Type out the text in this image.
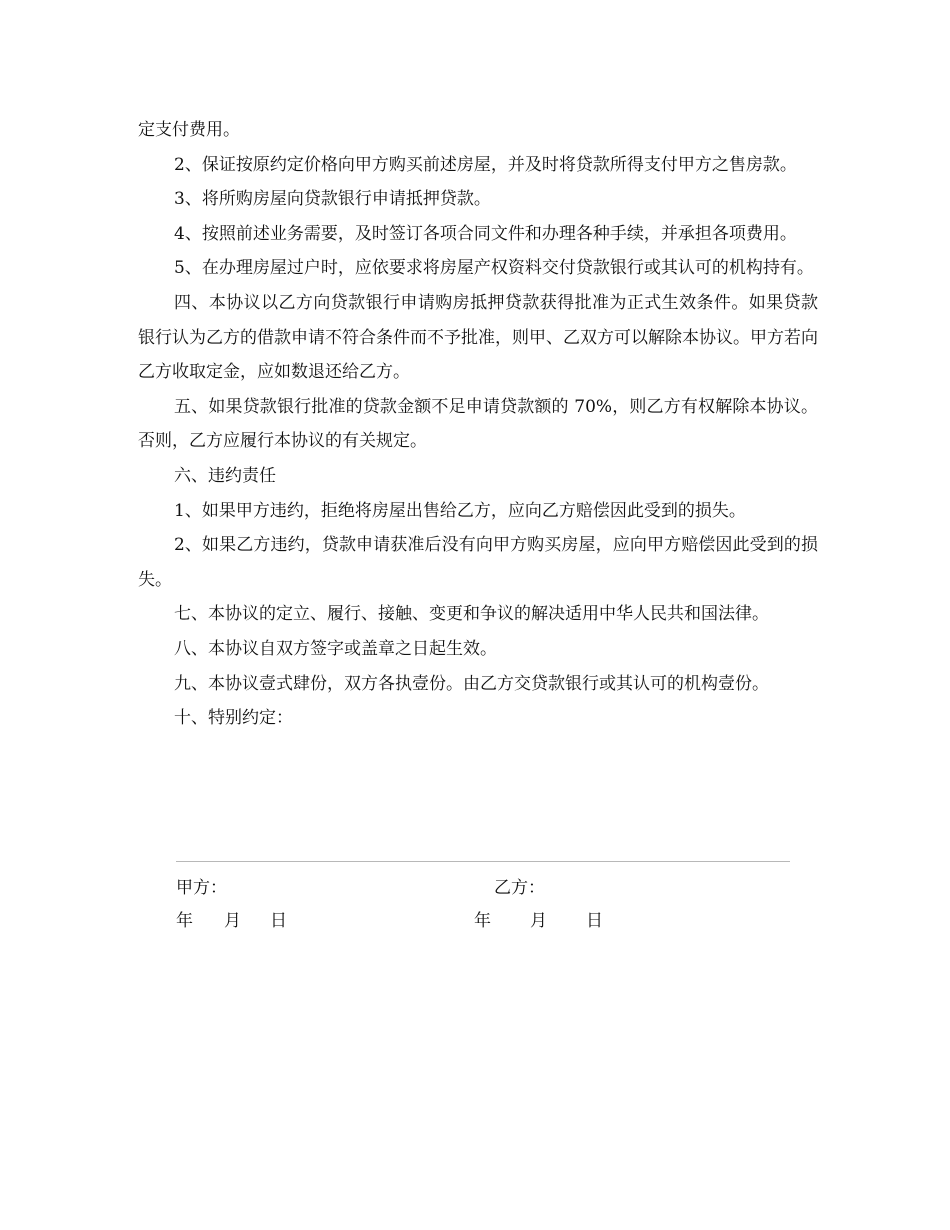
定支付费用。

2、保证按原约定价格向甲方购买前述房屋，并及时将贷款所得支付甲方之售房款。

3、将所购房屋向贷款银行申请抵押贷款。

4、按照前述业务需要，及时签订各项合同文件和办理各种手续，并承担各项费用。

5、在办理房屋过户时，应依要求将房屋产权资料交付贷款银行或其认可的机构持有。

四、本协议以乙方向贷款银行申请购房抵押贷款获得批准为正式生效条件。如果贷款银行认为乙方的借款申请不符合条件而不予批准，则甲、乙双方可以解除本协议。甲方若向乙方收取定金，应如数退还给乙方。

五、如果贷款银行批准的贷款金额不足申请贷款额的 70%，则乙方有权解除本协议。否则，乙方应履行本协议的有关规定。

六、违约责任

1、如果甲方违约，拒绝将房屋出售给乙方，应向乙方赔偿因此受到的损失。

2、如果乙方违约，贷款申请获准后没有向甲方购买房屋，应向甲方赔偿因此受到的损失。

七、本协议的定立、履行、接触、变更和争议的解决适用中华人民共和国法律。

八、本协议自双方签字或盖章之日起生效。

九、本协议壹式肆份，双方各执壹份。由乙方交贷款银行或其认可的机构壹份。

十、特别约定：

甲方：	乙方：
年 月 日	年 月 日
